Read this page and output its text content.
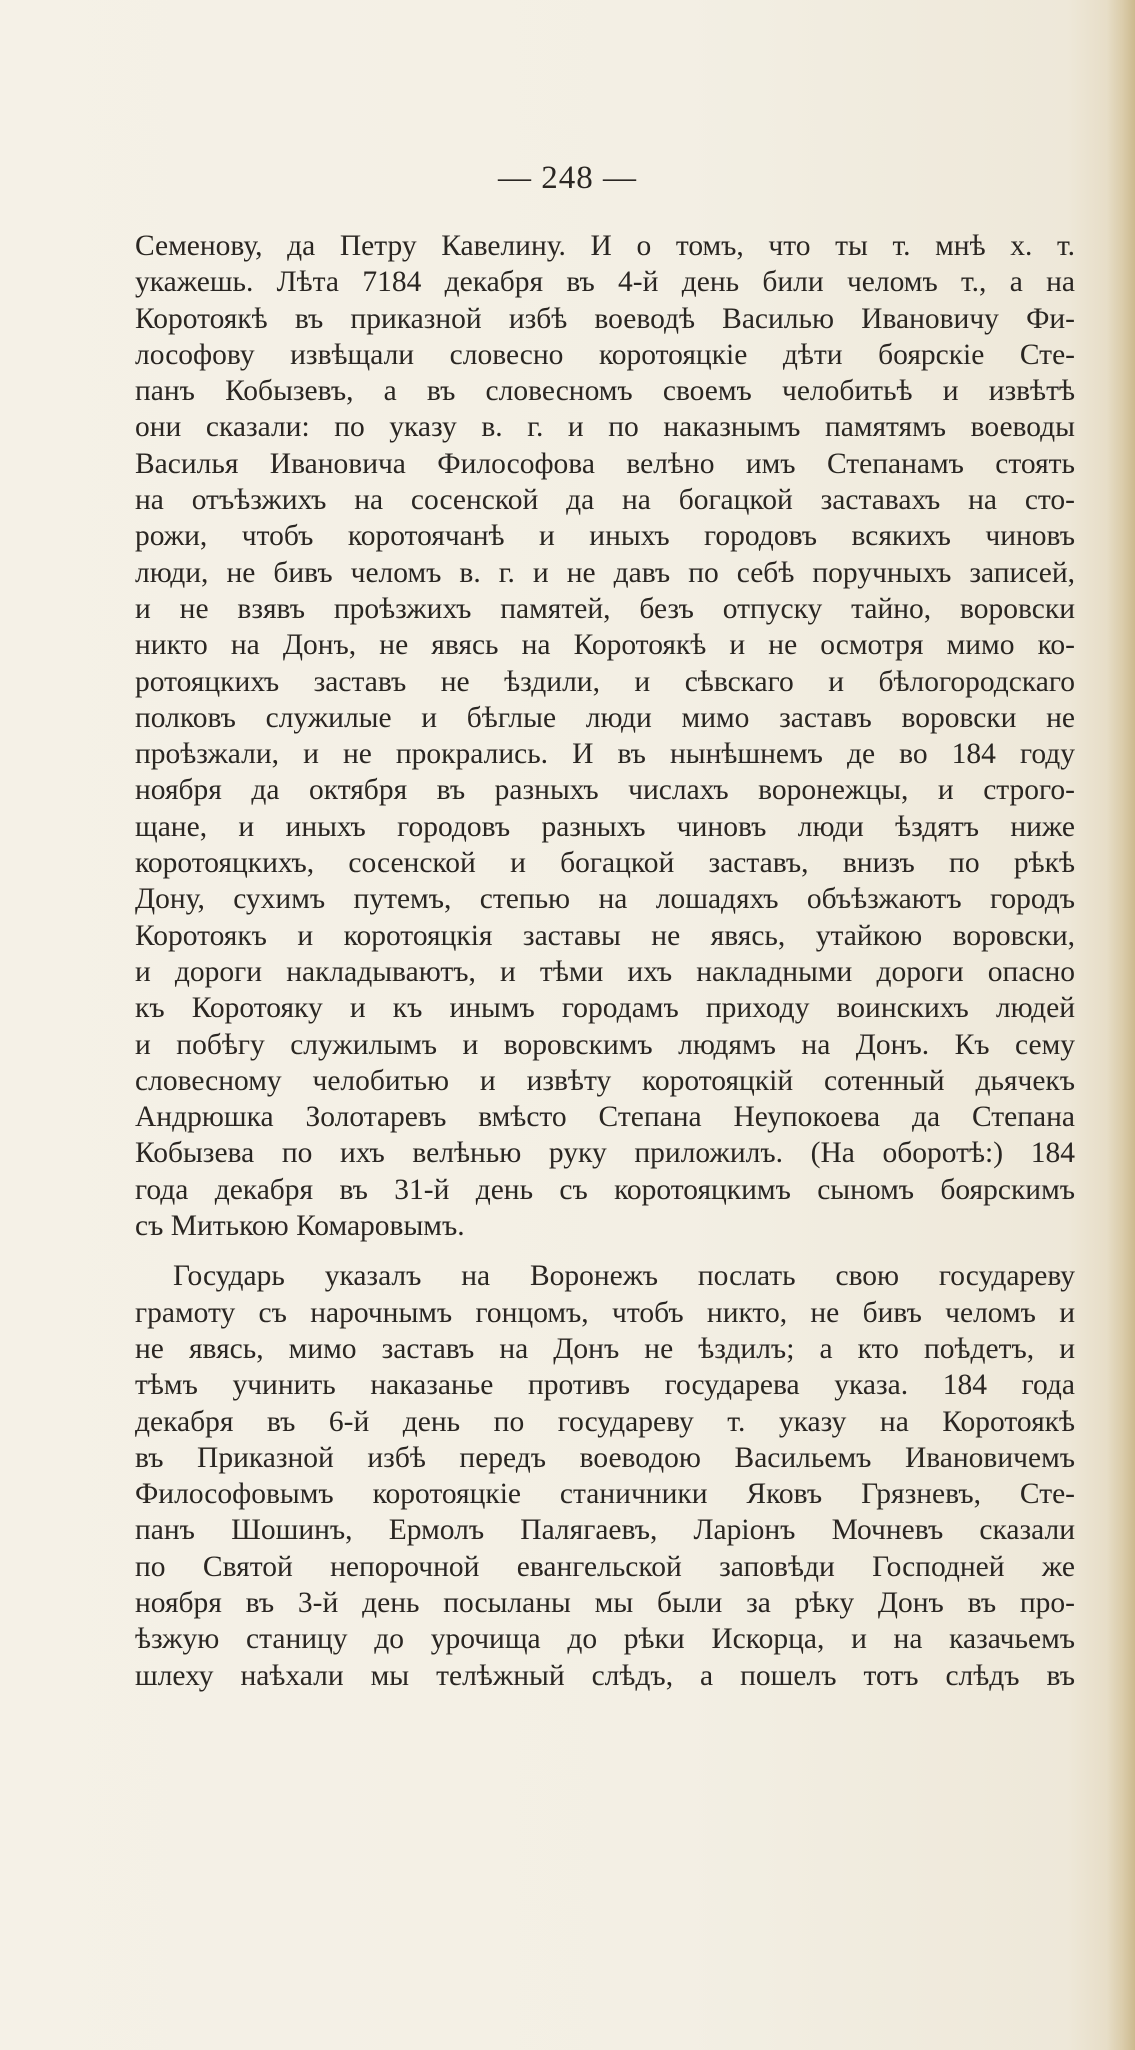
— 248 —
Семенову, да Петру Кавелину. И о томъ, что ты т. мнѣ х. т.
укажешь. Лѣта 7184 декабря въ 4-й день били челомъ т., а на
Коротоякѣ въ приказной избѣ воеводѣ Василью Ивановичу Фи-
лософову извѣщали словесно коротояцкіе дѣти боярскіе Сте-
панъ Кобызевъ, а въ словесномъ своемъ челобитьѣ и извѣтѣ
они сказали: по указу в. г. и по наказнымъ памятямъ воеводы
Василья Ивановича Философова велѣно имъ Степанамъ стоять
на отъѣзжихъ на сосенской да на богацкой заставахъ на сто-
рожи, чтобъ коротоячанѣ и иныхъ городовъ всякихъ чиновъ
люди, не бивъ челомъ в. г. и не давъ по себѣ поручныхъ записей,
и не взявъ проѣзжихъ памятей, безъ отпуску тайно, воровски
никто на Донъ, не явясь на Коротоякѣ и не осмотря мимо ко-
ротояцкихъ заставъ не ѣздили, и сѣвскаго и бѣлогородскаго
полковъ служилые и бѣглые люди мимо заставъ воровски не
проѣзжали, и не прокрались. И въ нынѣшнемъ де во 184 году
ноября да октября въ разныхъ числахъ воронежцы, и строго-
щане, и иныхъ городовъ разныхъ чиновъ люди ѣздятъ ниже
коротояцкихъ, сосенской и богацкой заставъ, внизъ по рѣкѣ
Дону, сухимъ путемъ, степью на лошадяхъ объѣзжаютъ городъ
Коротоякъ и коротояцкія заставы не явясь, утайкою воровски,
и дороги накладываютъ, и тѣми ихъ накладными дороги опасно
къ Коротояку и къ инымъ городамъ приходу воинскихъ людей
и побѣгу служилымъ и воровскимъ людямъ на Донъ. Къ сему
словесному челобитью и извѣту коротояцкій сотенный дьячекъ
Андрюшка Золотаревъ вмѣсто Степана Неупокоева да Степана
Кобызева по ихъ велѣнью руку приложилъ. (На оборотѣ:) 184
года декабря въ 31-й день съ коротояцкимъ сыномъ боярскимъ
съ Митькою Комаровымъ.
Государь указалъ на Воронежъ послать свою государеву
грамоту съ нарочнымъ гонцомъ, чтобъ никто, не бивъ челомъ и
не явясь, мимо заставъ на Донъ не ѣздилъ; а кто поѣдетъ, и
тѣмъ учинить наказанье противъ государева указа. 184 года
декабря въ 6-й день по государеву т. указу на Коротоякѣ
въ Приказной избѣ передъ воеводою Васильемъ Ивановичемъ
Философовымъ коротояцкіе станичники Яковъ Грязневъ, Сте-
панъ Шошинъ, Ермолъ Палягаевъ, Ларіонъ Мочневъ сказали
по Святой непорочной евангельской заповѣди Господней же
ноября въ 3-й день посыланы мы были за рѣку Донъ въ про-
ѣзжую станицу до урочища до рѣки Искорца, и на казачьемъ
шлеху наѣхали мы телѣжный слѣдъ, а пошелъ тотъ слѣдъ въ
